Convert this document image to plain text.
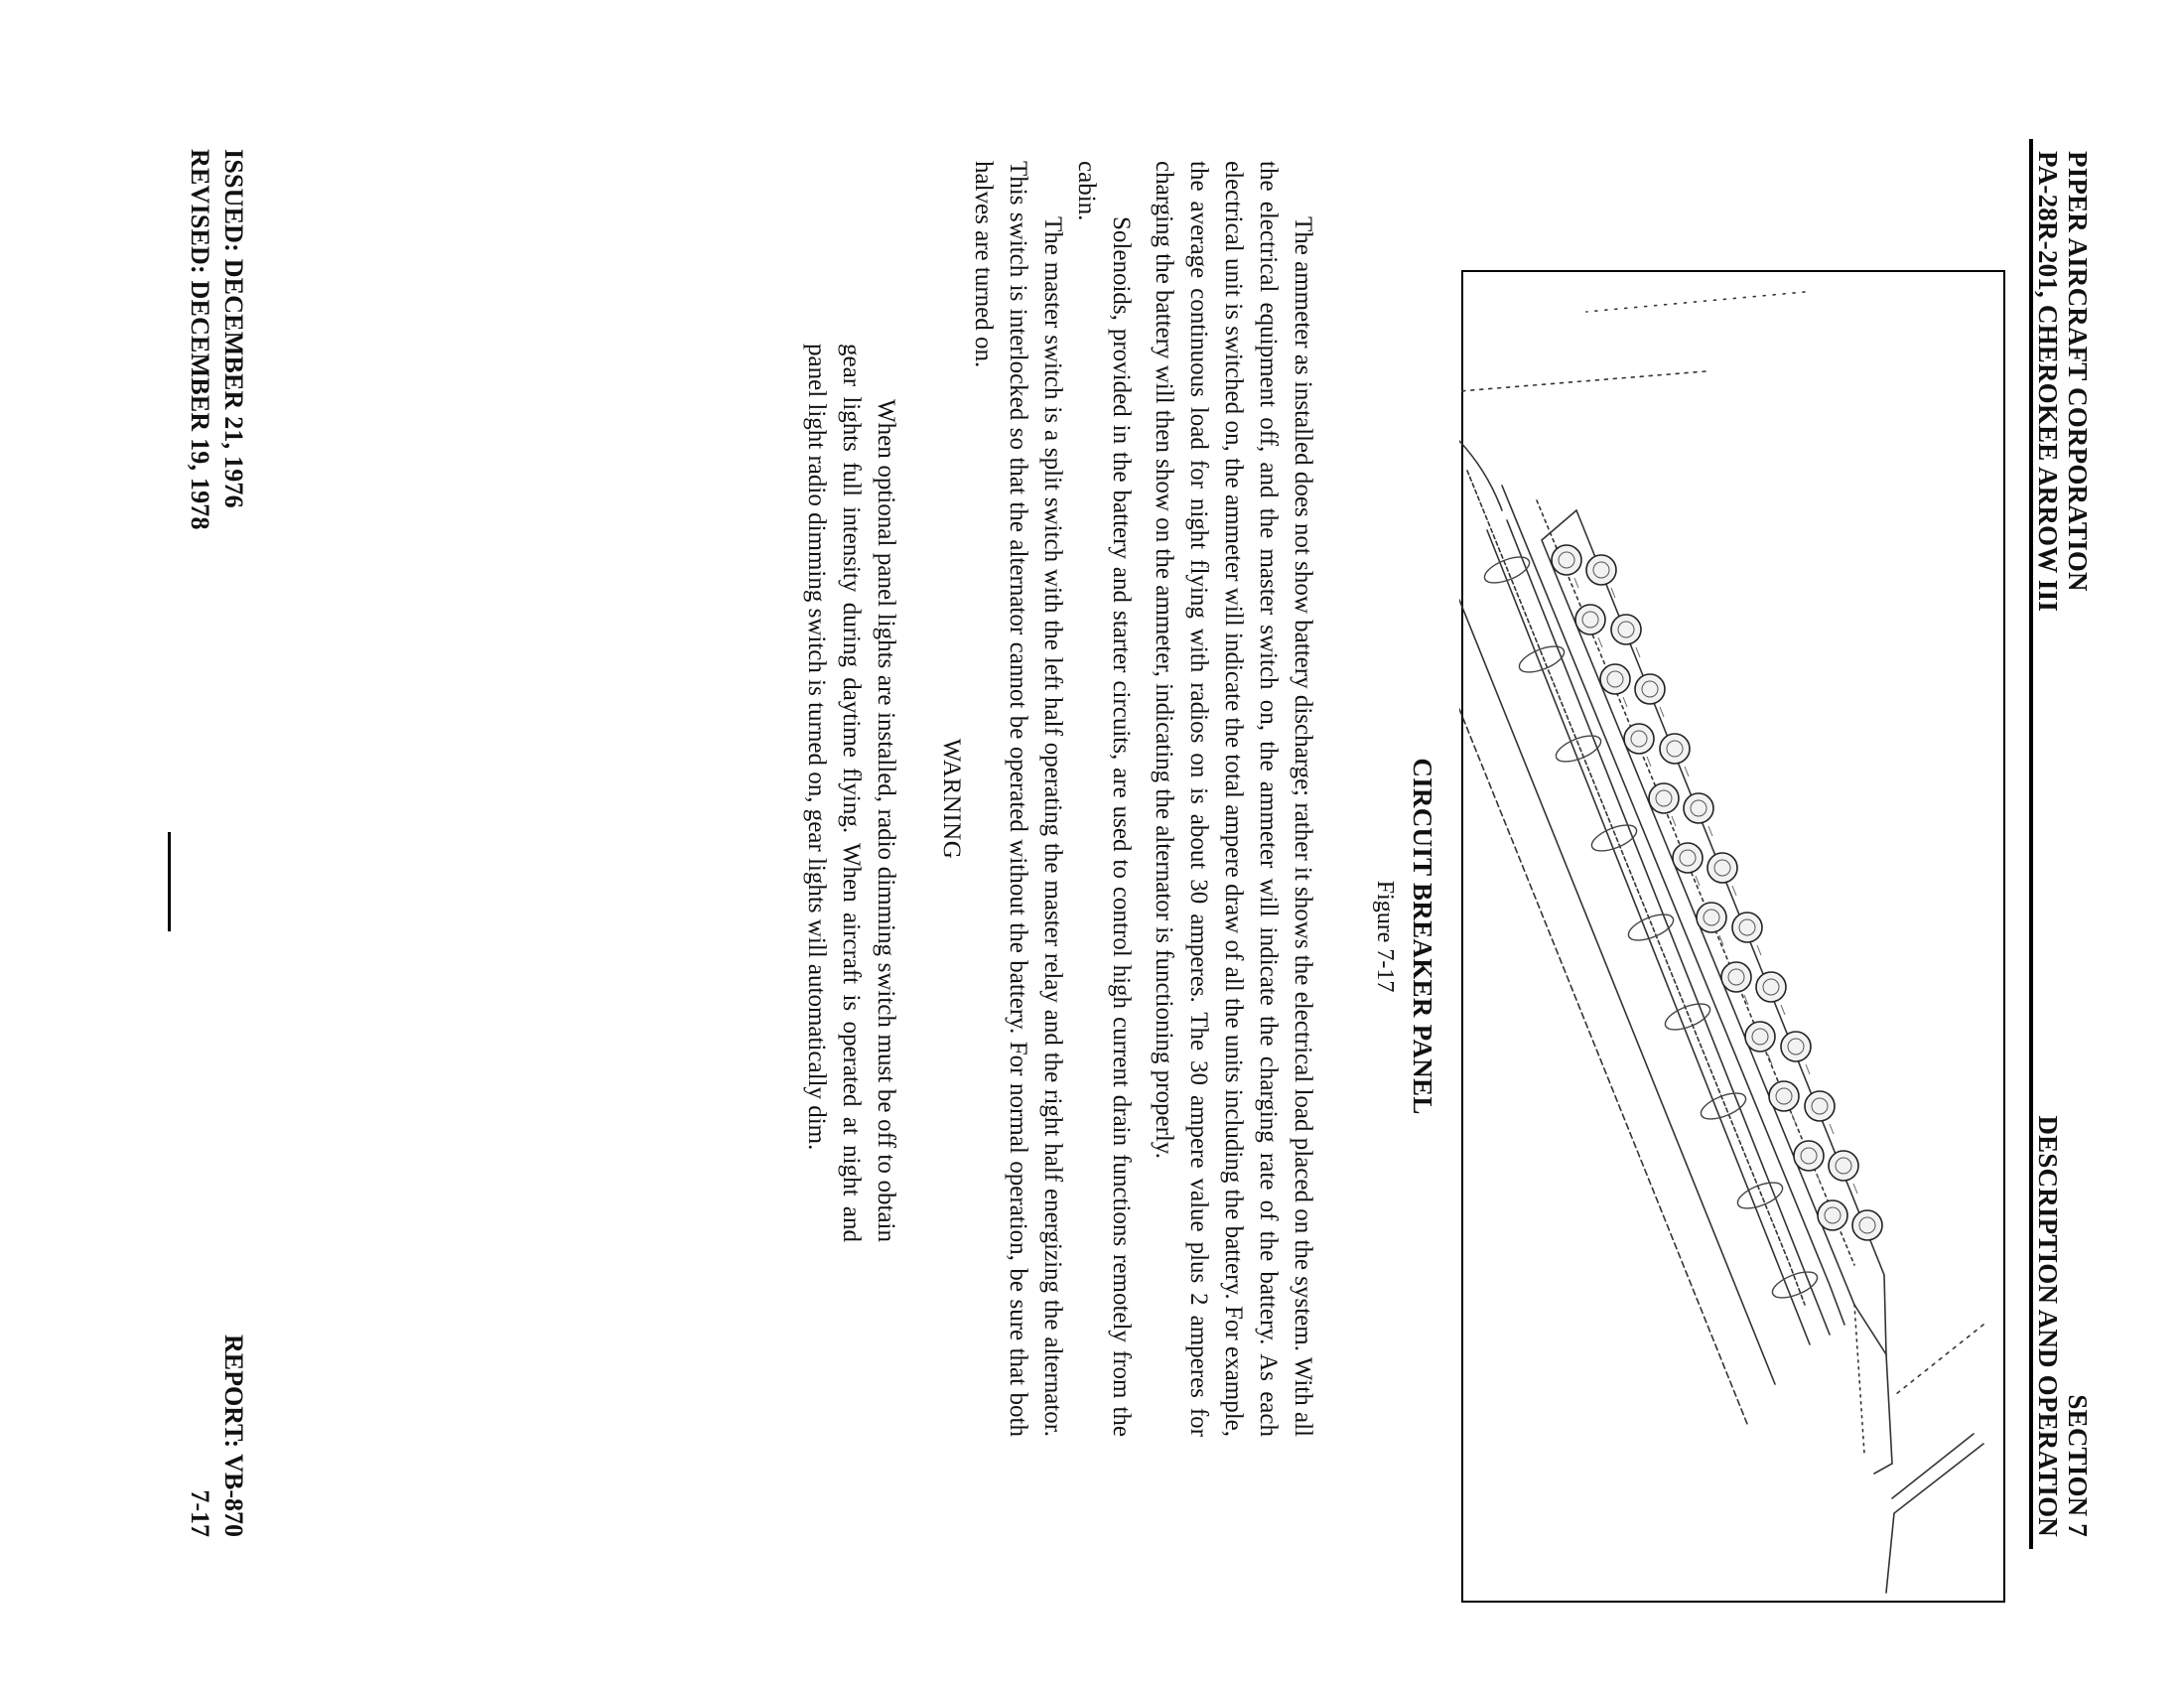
PIPER AIRCRAFT CORPORATION
PA-28R-201, CHEROKEE ARROW III
SECTION 7
DESCRIPTION AND OPERATION
CIRCUIT BREAKER PANEL
Figure 7-17

The ammeter as installed does not show battery discharge; rather it shows the electrical load placed on the system. With all the electrical equipment off, and the master switch on, the ammeter will indicate the charging rate of the battery. As each electrical unit is switched on, the ammeter will indicate the total ampere draw of all the units including the battery. For example, the average continuous load for night flying with radios on is about 30 amperes. The 30 ampere value plus 2 amperes for charging the battery will then show on the ammeter, indicating the alternator is functioning properly.

Solenoids, provided in the battery and starter circuits, are used to control high current drain functions remotely from the cabin.

The master switch is a split switch with the left half operating the master relay and the right half energizing the alternator. This switch is interlocked so that the alternator cannot be operated without the battery. For normal operation, be sure that both halves are turned on.

WARNING

When optional panel lights are installed, radio dimming switch must be off to obtain gear lights full intensity during daytime flying. When aircraft is operated at night and panel light radio dimming switch is turned on, gear lights will automatically dim.

ISSUED: DECEMBER 21, 1976
REVISED: DECEMBER 19, 1978
REPORT: VB-870
7-17
